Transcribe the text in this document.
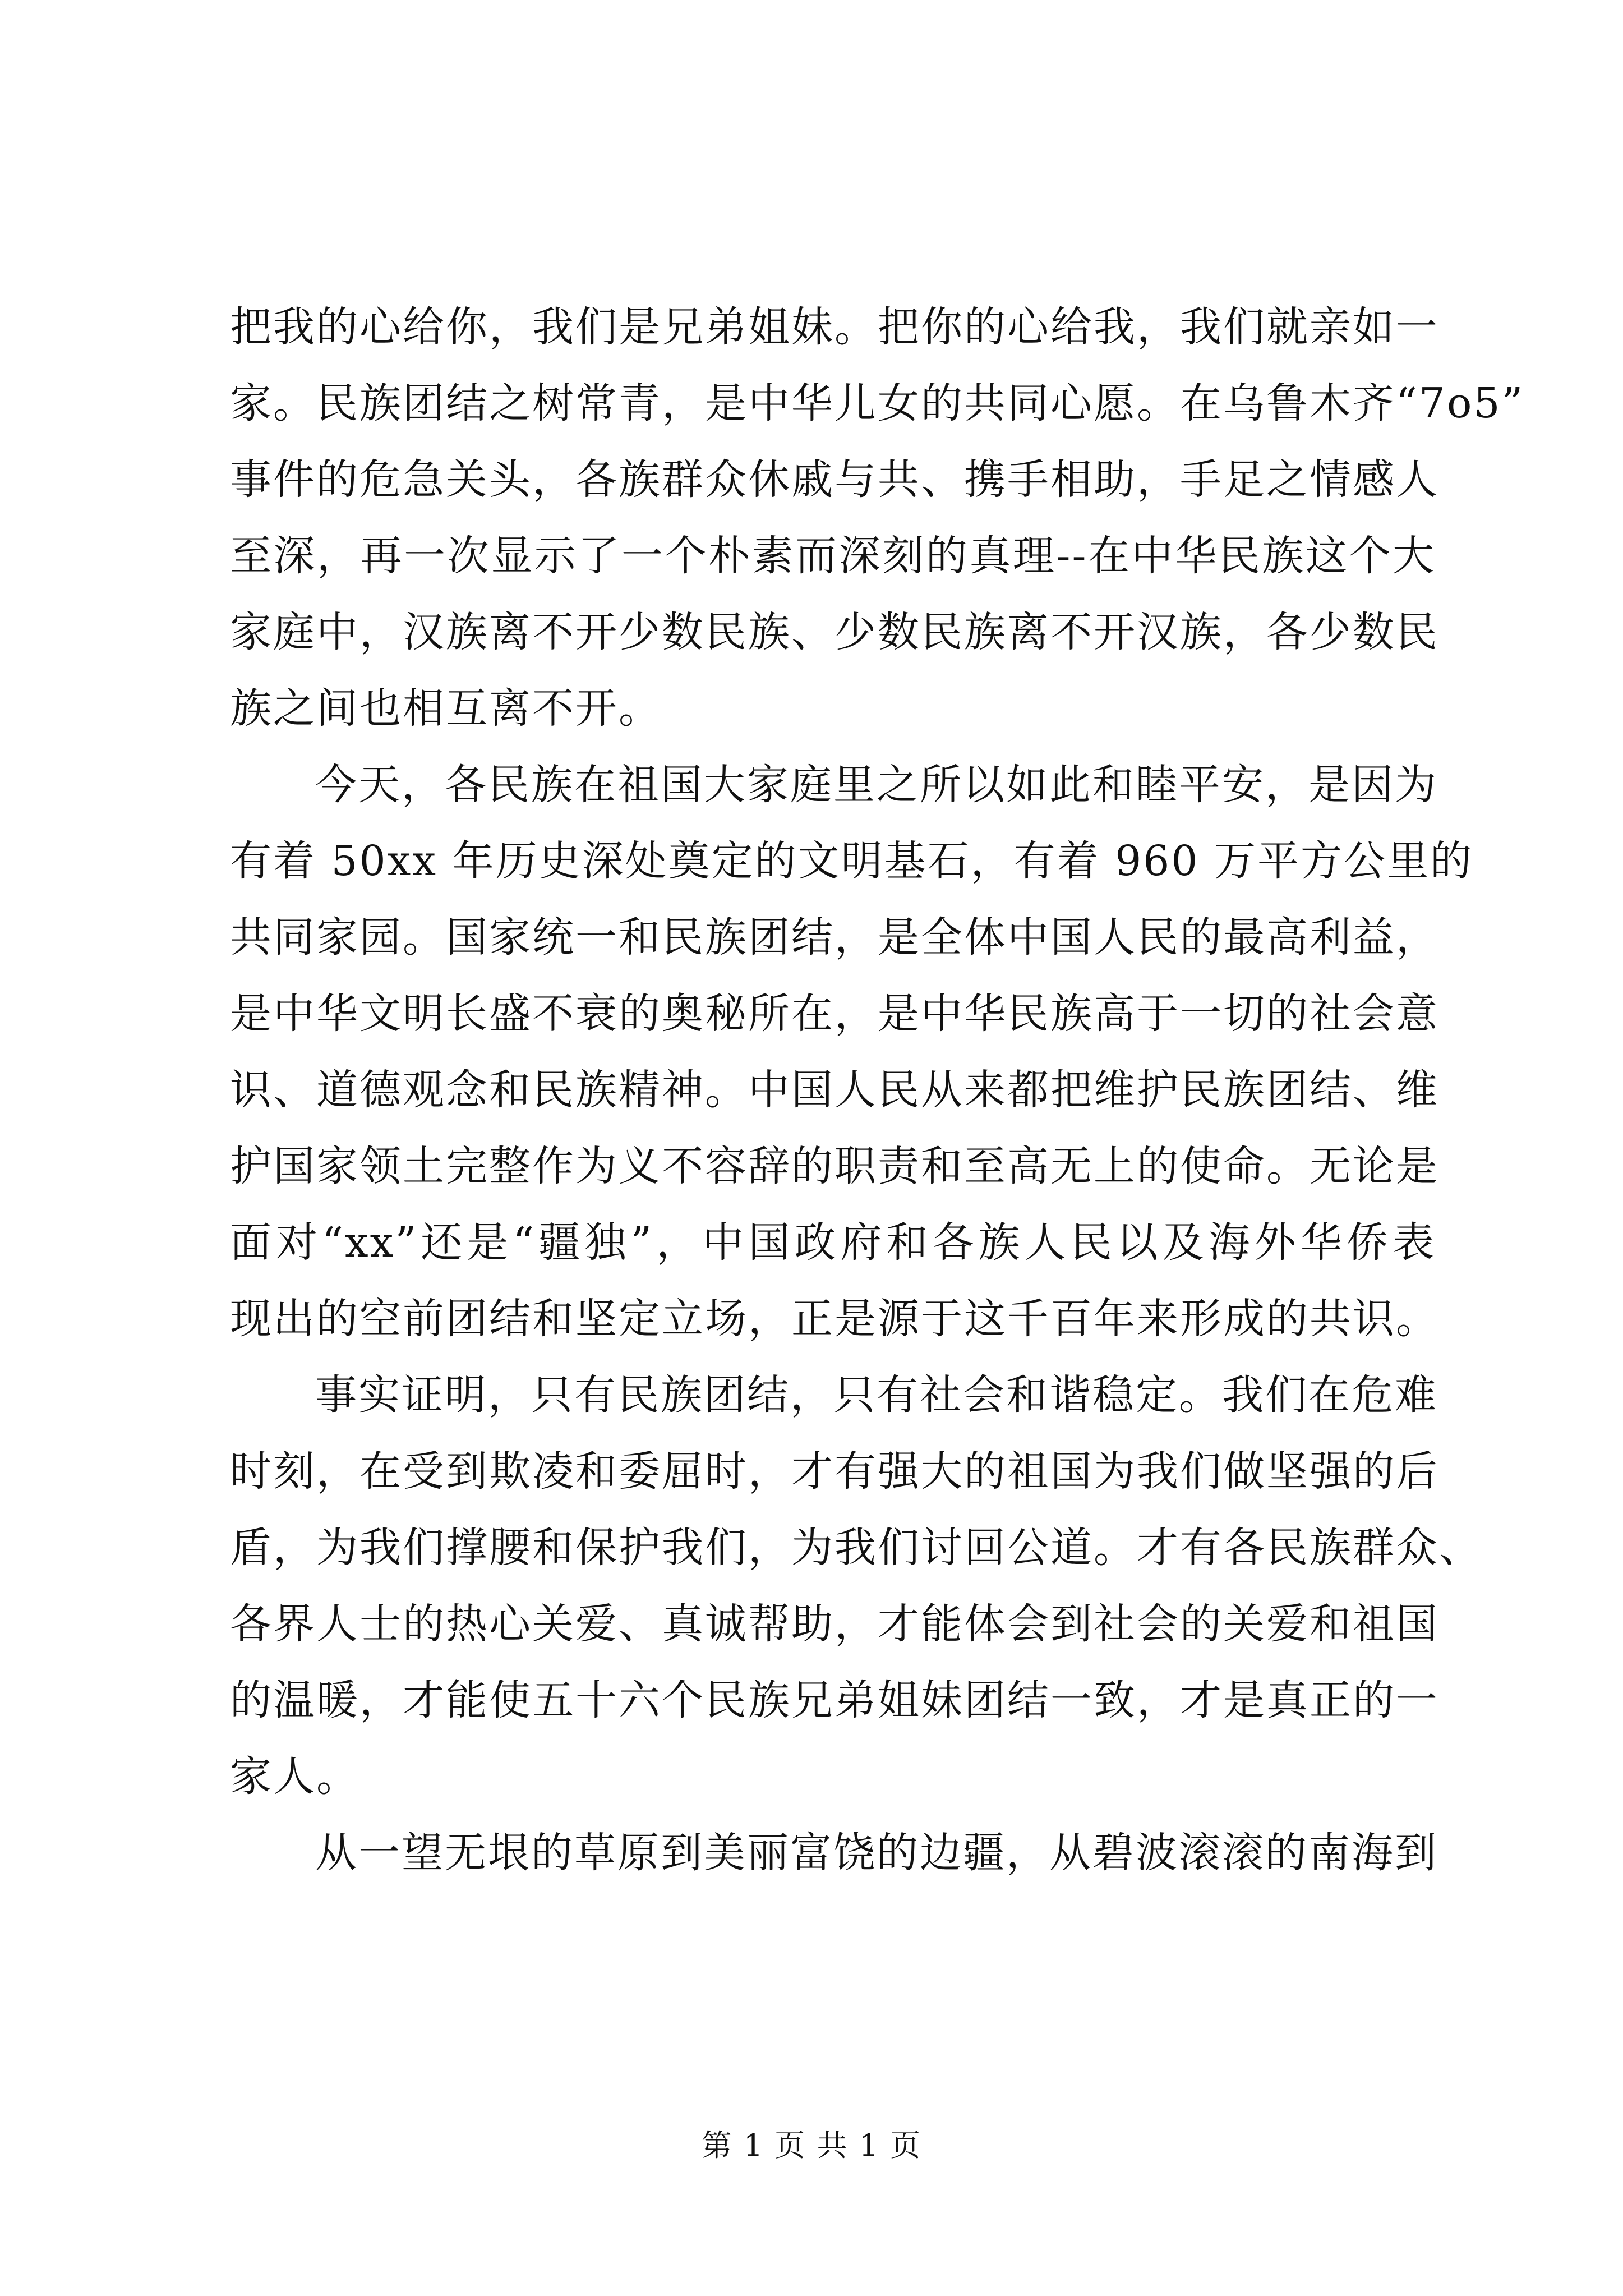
把我的心给你，我们是兄弟姐妹。把你的心给我，我们就亲如一
家。民族团结之树常青，是中华儿女的共同心愿。在乌鲁木齐“7o5”
事件的危急关头，各族群众休戚与共、携手相助，手足之情感人
至深，再一次显示了一个朴素而深刻的真理--在中华民族这个大
家庭中，汉族离不开少数民族、少数民族离不开汉族，各少数民
族之间也相互离不开。
今天，各民族在祖国大家庭里之所以如此和睦平安，是因为
有着 50xx 年历史深处奠定的文明基石，有着 960 万平方公里的
共同家园。国家统一和民族团结，是全体中国人民的最高利益，
是中华文明长盛不衰的奥秘所在，是中华民族高于一切的社会意
识、道德观念和民族精神。中国人民从来都把维护民族团结、维
护国家领土完整作为义不容辞的职责和至高无上的使命。无论是
面对“xx”还是“疆独”，中国政府和各族人民以及海外华侨表
现出的空前团结和坚定立场，正是源于这千百年来形成的共识。
事实证明，只有民族团结，只有社会和谐稳定。我们在危难
时刻，在受到欺凌和委屈时，才有强大的祖国为我们做坚强的后
盾，为我们撑腰和保护我们，为我们讨回公道。才有各民族群众、
各界人士的热心关爱、真诚帮助，才能体会到社会的关爱和祖国
的温暖，才能使五十六个民族兄弟姐妹团结一致，才是真正的一
家人。
从一望无垠的草原到美丽富饶的边疆，从碧波滚滚的南海到
第 1 页 共 1 页
